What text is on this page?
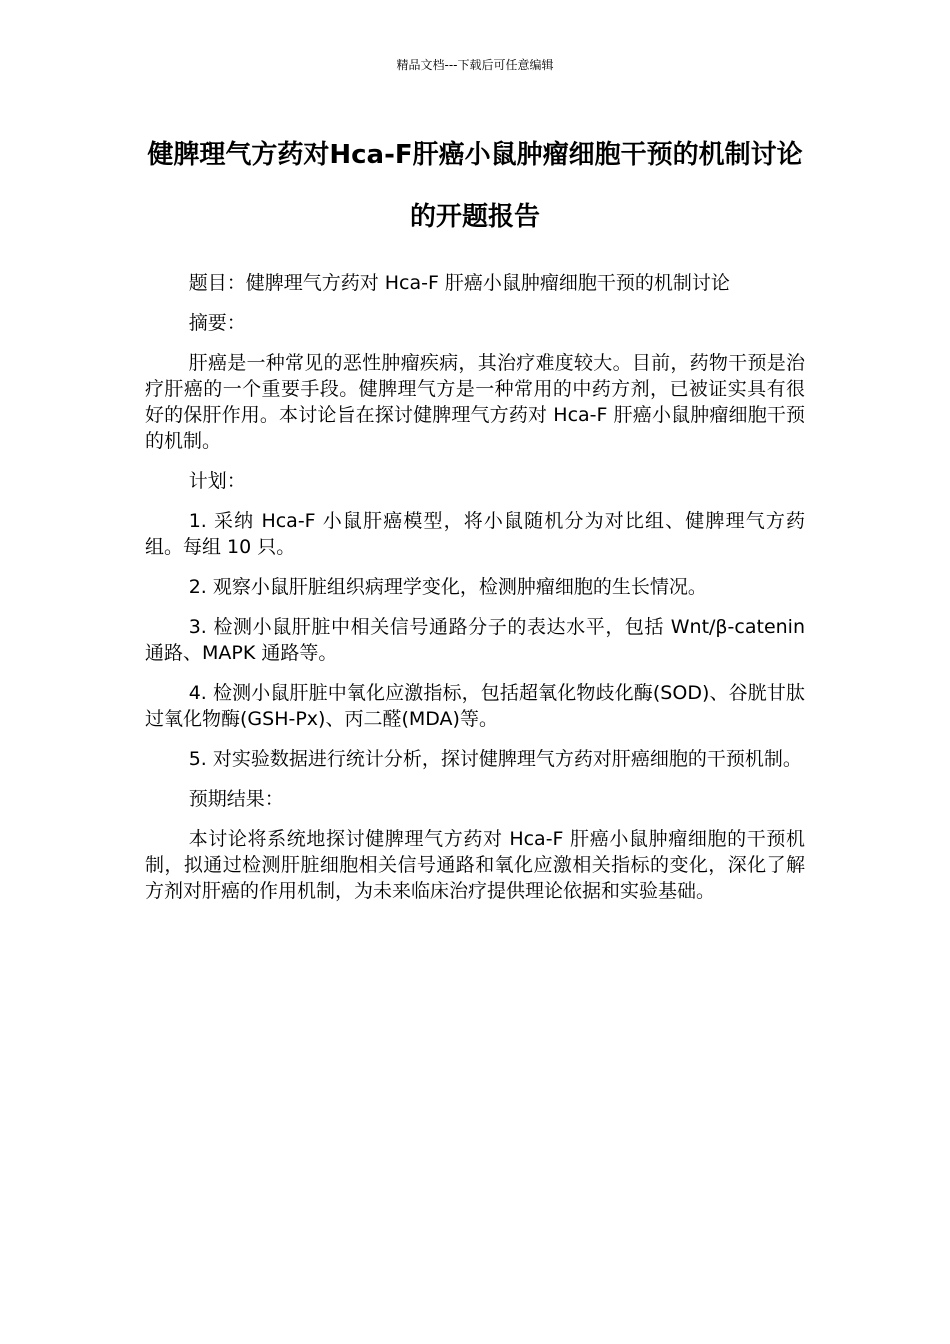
精品文档---下载后可任意编辑
健脾理气方药对Hca-F肝癌小鼠肿瘤细胞干预的机制讨论的开题报告

题目：健脾理气方药对 Hca-F 肝癌小鼠肿瘤细胞干预的机制讨论

摘要：

肝癌是一种常见的恶性肿瘤疾病，其治疗难度较大。目前，药物干预是治疗肝癌的一个重要手段。健脾理气方是一种常用的中药方剂，已被证实具有很好的保肝作用。本讨论旨在探讨健脾理气方药对 Hca-F 肝癌小鼠肿瘤细胞干预的机制。

计划：

1. 采纳 Hca-F 小鼠肝癌模型，将小鼠随机分为对比组、健脾理气方药组。每组 10 只。

2. 观察小鼠肝脏组织病理学变化，检测肿瘤细胞的生长情况。

3. 检测小鼠肝脏中相关信号通路分子的表达水平，包括 Wnt/β-catenin 通路、MAPK 通路等。

4. 检测小鼠肝脏中氧化应激指标，包括超氧化物歧化酶(SOD)、谷胱甘肽过氧化物酶(GSH-Px)、丙二醛(MDA)等。

5. 对实验数据进行统计分析，探讨健脾理气方药对肝癌细胞的干预机制。

预期结果：

本讨论将系统地探讨健脾理气方药对 Hca-F 肝癌小鼠肿瘤细胞的干预机制，拟通过检测肝脏细胞相关信号通路和氧化应激相关指标的变化，深化了解方剂对肝癌的作用机制，为未来临床治疗提供理论依据和实验基础。
